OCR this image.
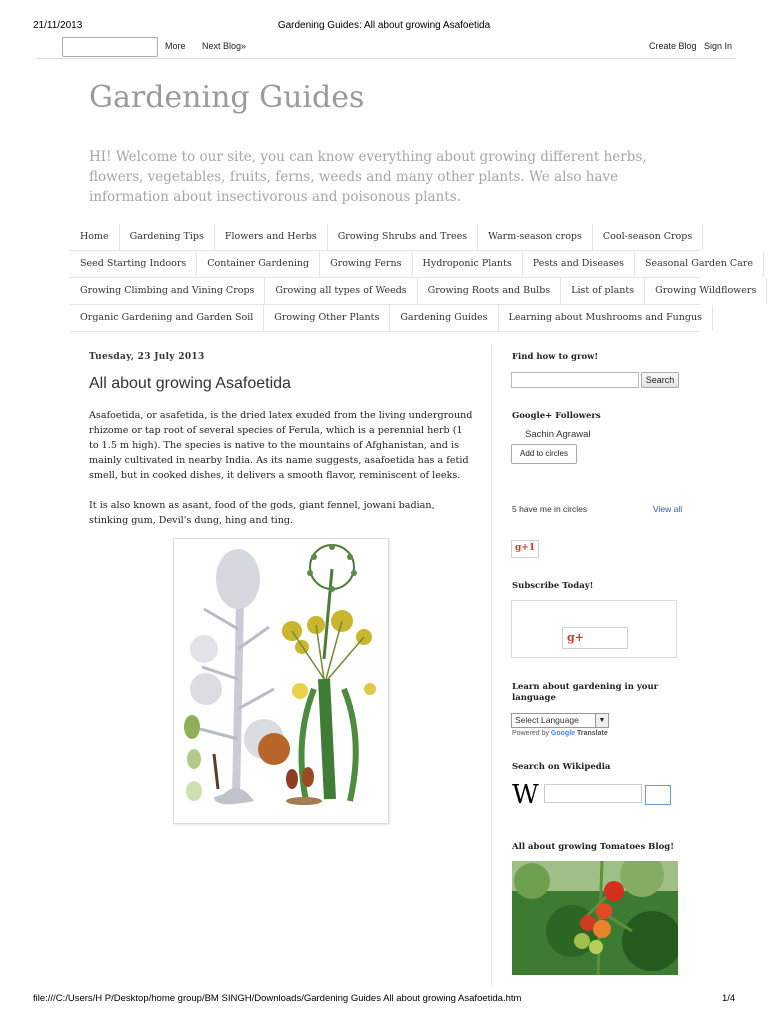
21/11/2013	Gardening Guides: All about growing Asafoetida
More Next Blog»	Create Blog Sign In
Gardening Guides
HI! Welcome to our site, you can know everything about growing different herbs, flowers, vegetables, fruits, ferns, weeds and many other plants. We also have information about insectivorous and poisonous plants.
Home	Gardening Tips	Flowers and Herbs	Growing Shrubs and Trees	Warm-season crops	Cool-season Crops
Seed Starting Indoors	Container Gardening	Growing Ferns	Hydroponic Plants	Pests and Diseases	Seasonal Garden Care
Growing Climbing and Vining Crops	Growing all types of Weeds	Growing Roots and Bulbs	List of plants	Growing Wildflowers
Organic Gardening and Garden Soil	Growing Other Plants	Gardening Guides	Learning about Mushrooms and Fungus
Tuesday, 23 July 2013
All about growing Asafoetida

Asafoetida, or asafetida, is the dried latex exuded from the living underground rhizome or tap root of several species of Ferula, which is a perennial herb (1 to 1.5 m high). The species is native to the mountains of Afghanistan, and is mainly cultivated in nearby India. As its name suggests, asafoetida has a fetid smell, but in cooked dishes, it delivers a smooth flavor, reminiscent of leeks.

It is also known as asant, food of the gods, giant fennel, jowani badian, stinking gum, Devil's dung, hing and ting.

Find how to grow!
Search
Google+ Followers
Sachin Agrawal
Add to circles
5 have me in circles	View all
g+1
Subscribe Today!
g+
Learn about gardening in your language
Select Language	▼
Powered by Google Translate
Search on Wikipedia
W
All about growing Tomatoes Blog!
file:///C:/Users/H P/Desktop/home group/BM SINGH/Downloads/Gardening Guides All about growing Asafoetida.htm	1/4
